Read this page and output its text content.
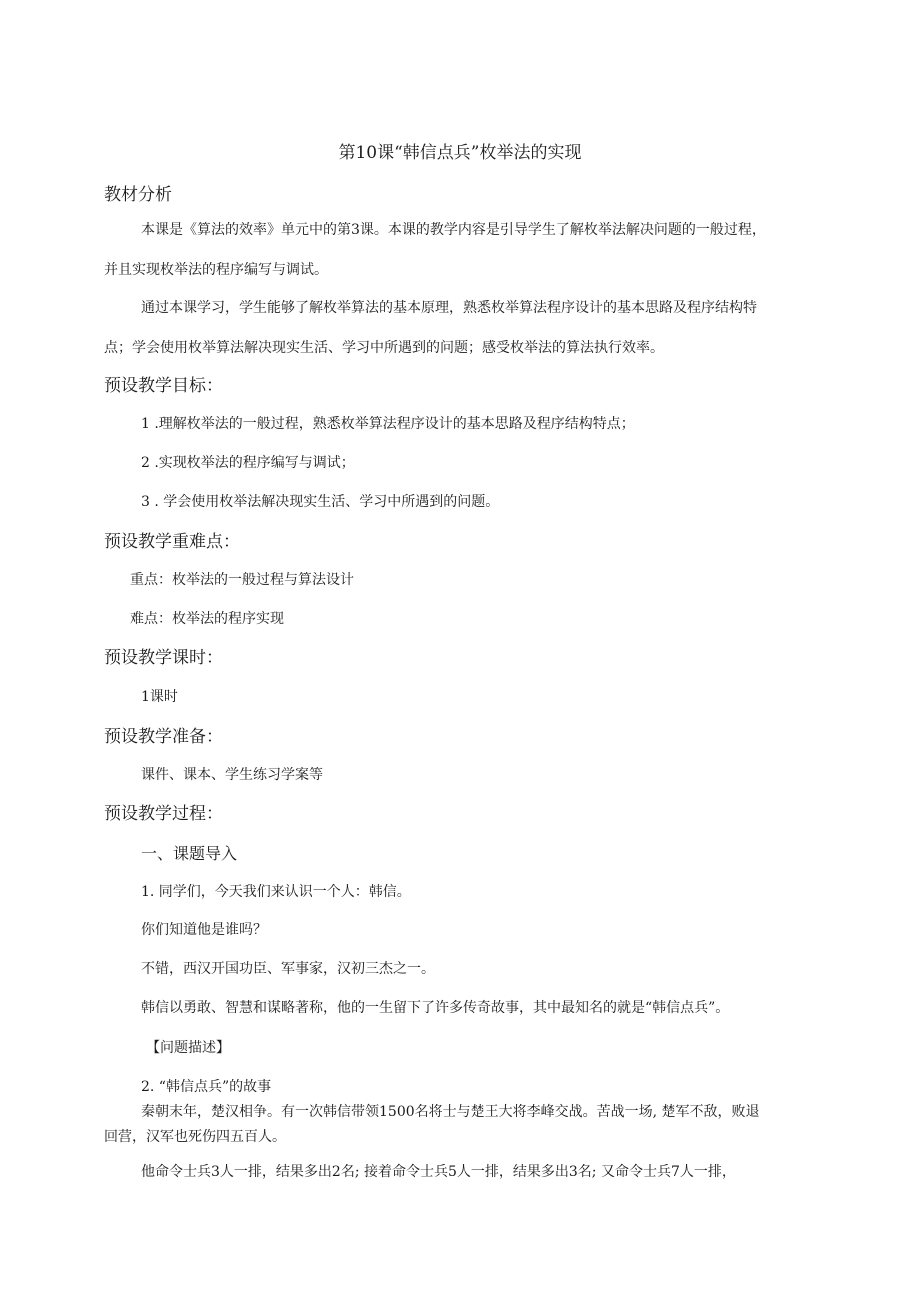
第10课“韩信点兵”枚举法的实现
教材分析
本课是《算法的效率》单元中的第3课。本课的教学内容是引导学生了解枚举法解决问题的一般过程，
并且实现枚举法的程序编写与调试。
通过本课学习，学生能够了解枚举算法的基本原理，熟悉枚举算法程序设计的基本思路及程序结构特
点；学会使用枚举算法解决现实生活、学习中所遇到的问题；感受枚举法的算法执行效率。
预设教学目标：
1 .理解枚举法的一般过程，熟悉枚举算法程序设计的基本思路及程序结构特点；
2 .实现枚举法的程序编写与调试；
3 . 学会使用枚举法解决现实生活、学习中所遇到的问题。
预设教学重难点：
重点：枚举法的一般过程与算法设计
难点：枚举法的程序实现
预设教学课时：
1课时
预设教学准备：
课件、课本、学生练习学案等
预设教学过程：
一、课题导入
1. 同学们，今天我们来认识一个人：韩信。
你们知道他是谁吗？
不错，西汉开国功臣、军事家，汉初三杰之一。
韩信以勇敢、智慧和谋略著称，他的一生留下了许多传奇故事，其中最知名的就是“韩信点兵”。
【问题描述】
2. “韩信点兵”的故事
秦朝末年，楚汉相争。有一次韩信带领1500名将士与楚王大将李峰交战。苦战一场, 楚军不敌，败退
回营，汉军也死伤四五百人。
他命令士兵3人一排，结果多出2名; 接着命令士兵5人一排，结果多出3名; 又命令士兵7人一排，
